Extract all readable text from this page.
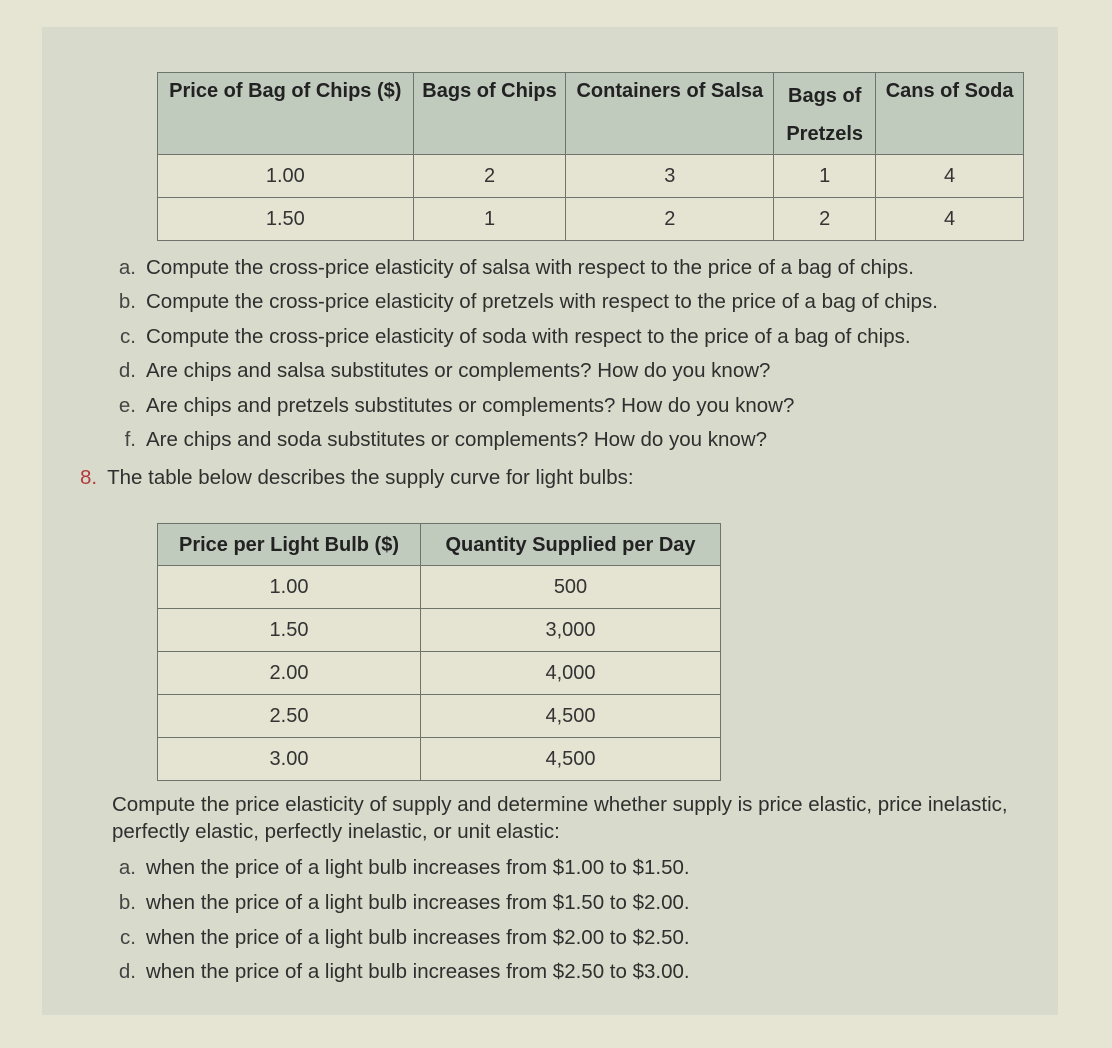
Price of Bag of Chips ($)	Bags of Chips	Containers of Salsa	Bags of Pretzels	Cans of Soda
1.00	2	3	1	4
1.50	1	2	2	4
a. Compute the cross-price elasticity of salsa with respect to the price of a bag of chips.
b. Compute the cross-price elasticity of pretzels with respect to the price of a bag of chips.
c. Compute the cross-price elasticity of soda with respect to the price of a bag of chips.
d. Are chips and salsa substitutes or complements? How do you know?
e. Are chips and pretzels substitutes or complements? How do you know?
f. Are chips and soda substitutes or complements? How do you know?
8. The table below describes the supply curve for light bulbs:
Price per Light Bulb ($)	Quantity Supplied per Day
1.00	500
1.50	3,000
2.00	4,000
2.50	4,500
3.00	4,500
Compute the price elasticity of supply and determine whether supply is price elastic, price inelastic, perfectly elastic, perfectly inelastic, or unit elastic:
a. when the price of a light bulb increases from $1.00 to $1.50.
b. when the price of a light bulb increases from $1.50 to $2.00.
c. when the price of a light bulb increases from $2.00 to $2.50.
d. when the price of a light bulb increases from $2.50 to $3.00.
